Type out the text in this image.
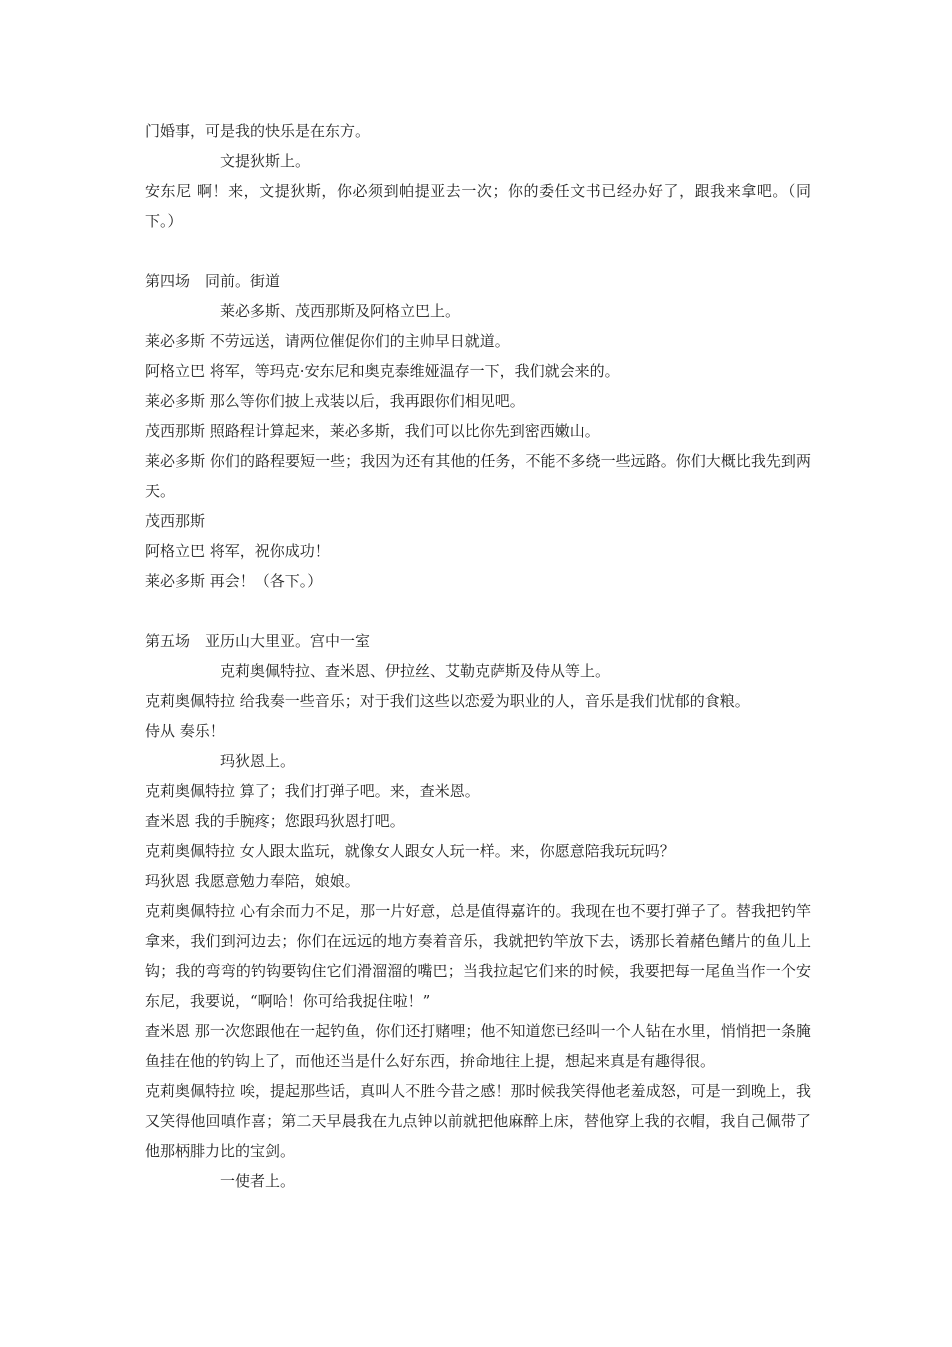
门婚事，可是我的快乐是在东方。

文提狄斯上。

安东尼 啊！来，文提狄斯，你必须到帕提亚去一次；你的委任文书已经办好了，跟我来拿吧。（同下。）

第四场　同前。街道

莱必多斯、茂西那斯及阿格立巴上。

莱必多斯 不劳远送，请两位催促你们的主帅早日就道。

阿格立巴 将军，等玛克·安东尼和奥克泰维娅温存一下，我们就会来的。

莱必多斯 那么等你们披上戎装以后，我再跟你们相见吧。

茂西那斯 照路程计算起来，莱必多斯，我们可以比你先到密西嫩山。

莱必多斯 你们的路程要短一些；我因为还有其他的任务，不能不多绕一些远路。你们大概比我先到两天。

茂西那斯

阿格立巴 将军，祝你成功！

莱必多斯 再会！（各下。）

第五场　亚历山大里亚。宫中一室

克莉奥佩特拉、查米恩、伊拉丝、艾勒克萨斯及侍从等上。

克莉奥佩特拉 给我奏一些音乐；对于我们这些以恋爱为职业的人，音乐是我们忧郁的食粮。

侍从 奏乐！

玛狄恩上。

克莉奥佩特拉 算了；我们打弹子吧。来，查米恩。

查米恩 我的手腕疼；您跟玛狄恩打吧。

克莉奥佩特拉 女人跟太监玩，就像女人跟女人玩一样。来，你愿意陪我玩玩吗？

玛狄恩 我愿意勉力奉陪，娘娘。

克莉奥佩特拉 心有余而力不足，那一片好意，总是值得嘉许的。我现在也不要打弹子了。替我把钓竿拿来，我们到河边去；你们在远远的地方奏着音乐，我就把钓竿放下去，诱那长着赭色鳍片的鱼儿上钩；我的弯弯的钓钩要钩住它们滑溜溜的嘴巴；当我拉起它们来的时候，我要把每一尾鱼当作一个安东尼，我要说，“啊哈！你可给我捉住啦！”

查米恩 那一次您跟他在一起钓鱼，你们还打赌哩；他不知道您已经叫一个人钻在水里，悄悄把一条腌鱼挂在他的钓钩上了，而他还当是什么好东西，拚命地往上提，想起来真是有趣得很。

克莉奥佩特拉 唉，提起那些话，真叫人不胜今昔之感！那时候我笑得他老羞成怒，可是一到晚上，我又笑得他回嗔作喜；第二天早晨我在九点钟以前就把他麻醉上床，替他穿上我的衣帽，我自己佩带了他那柄腓力比的宝剑。

一使者上。
